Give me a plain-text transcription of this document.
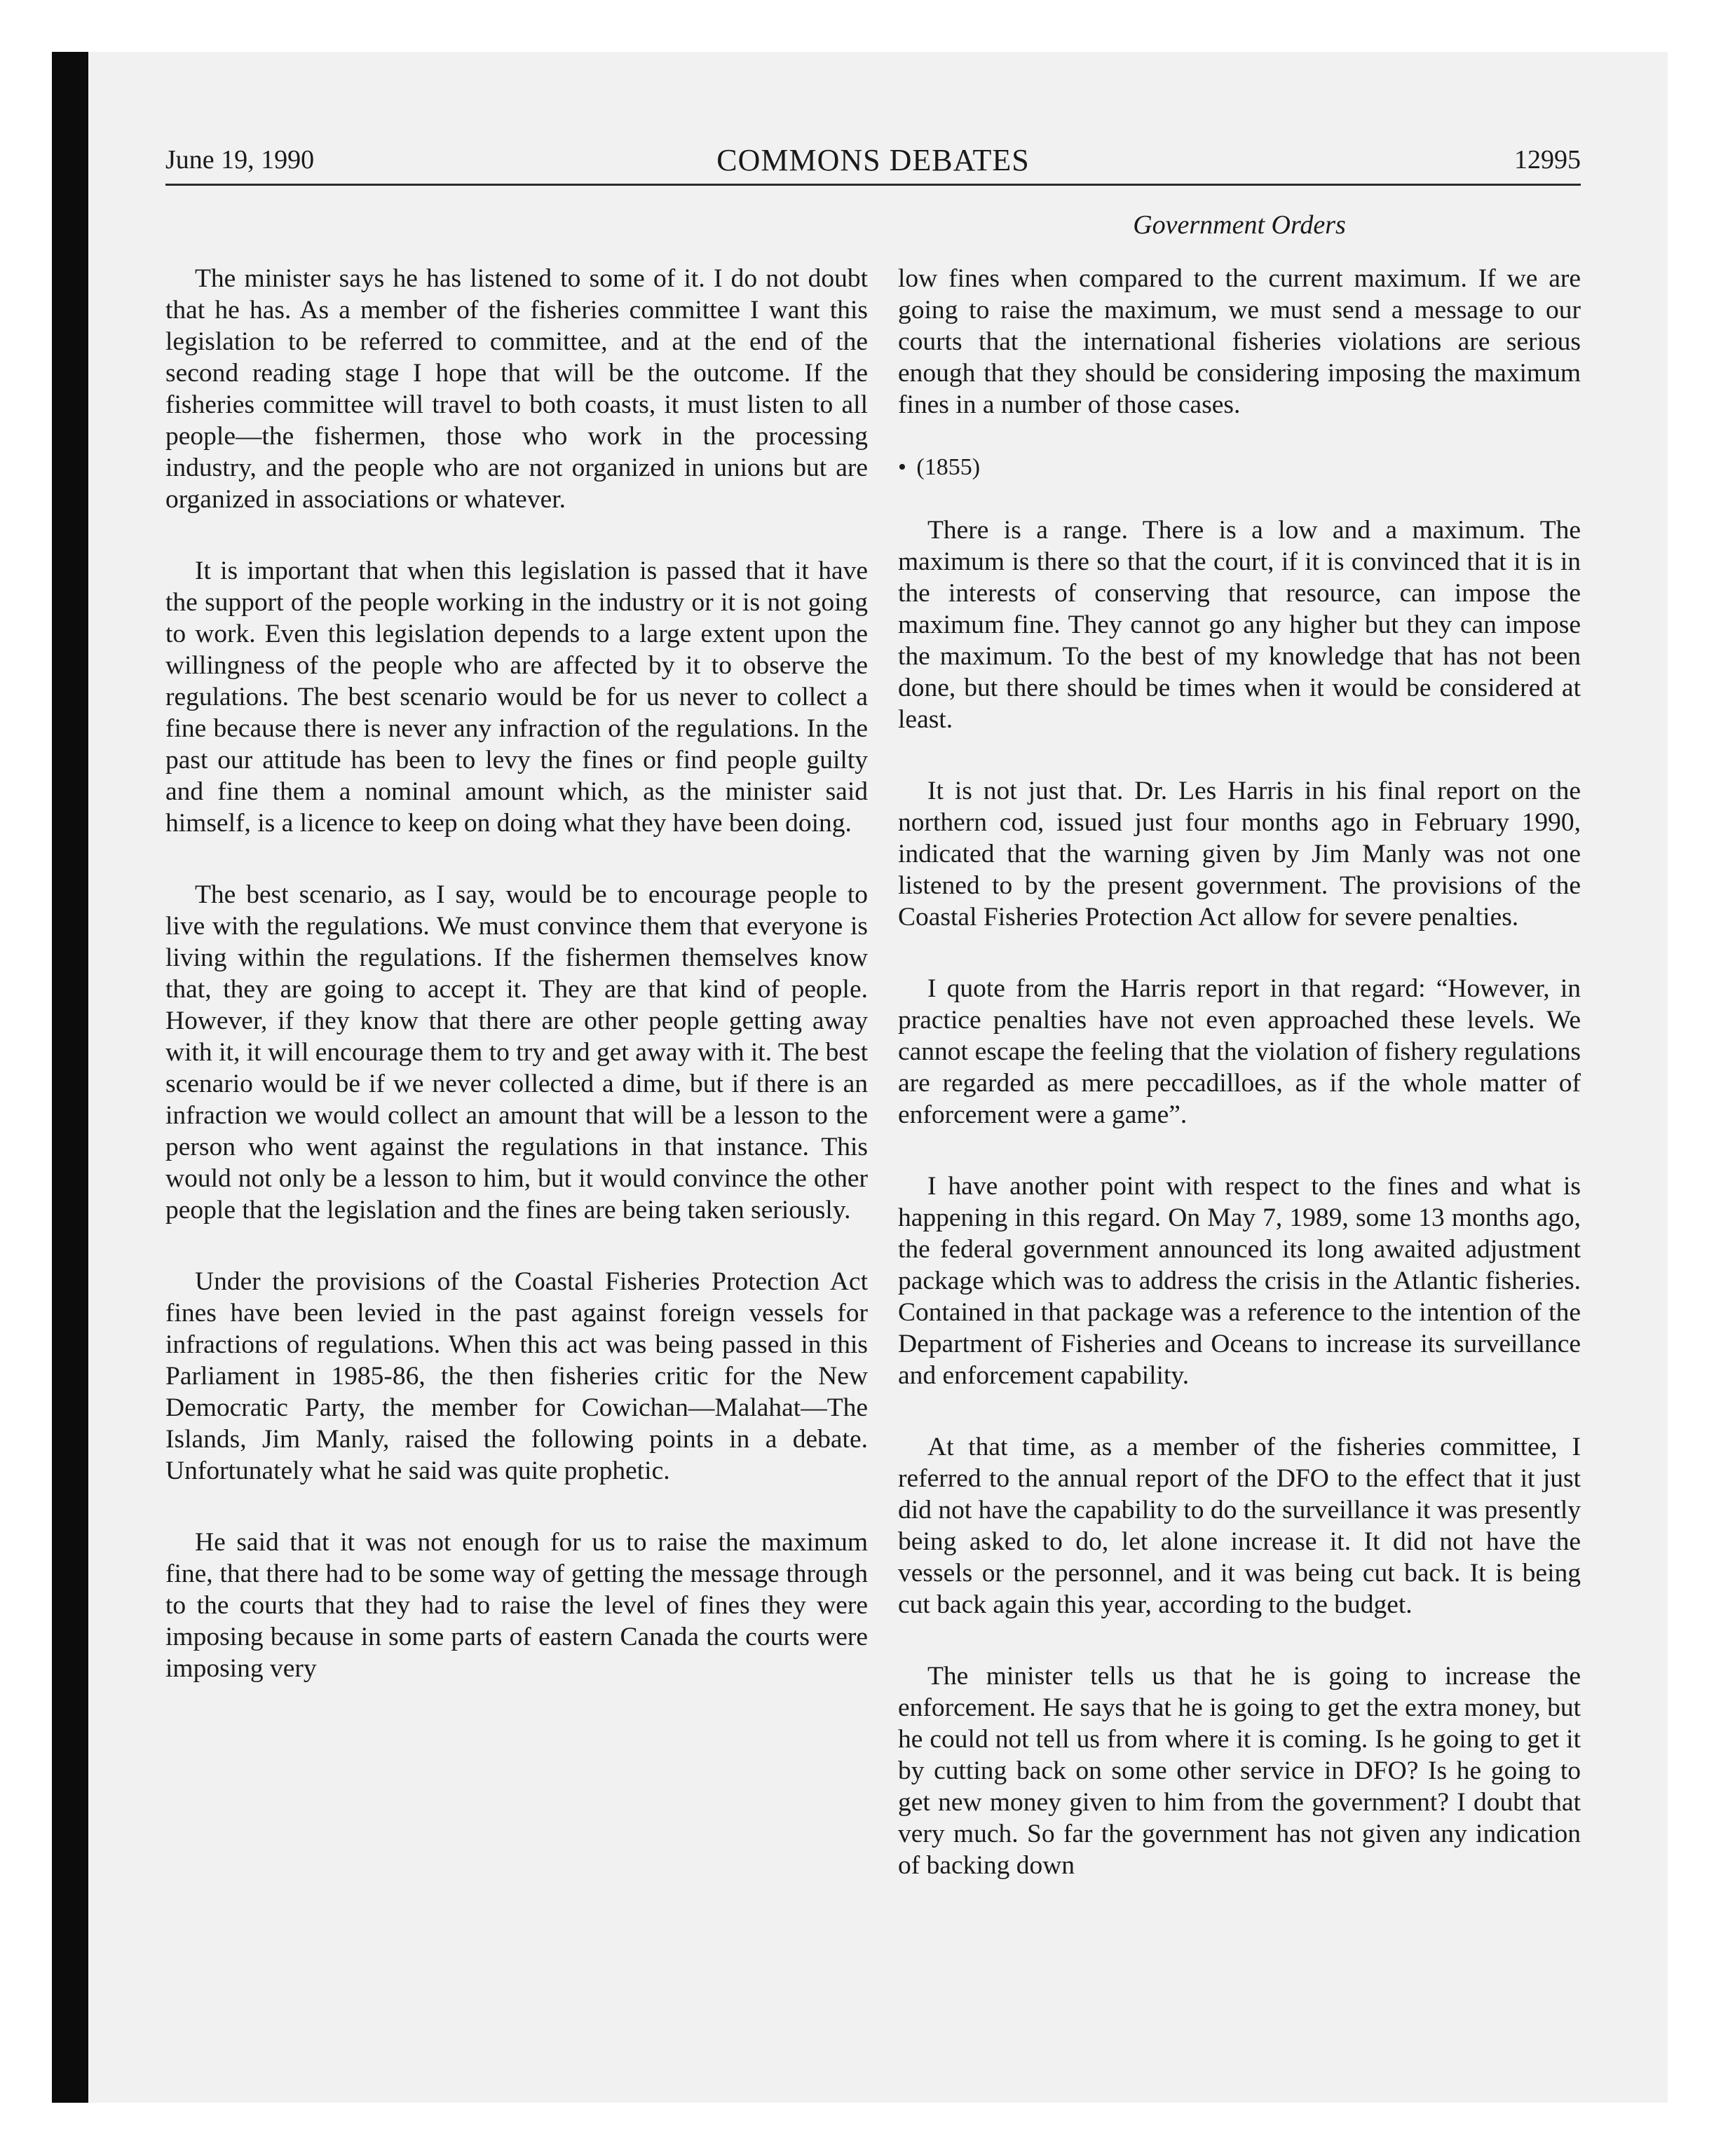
June 19, 1990	COMMONS DEBATES	12995
Government Orders

The minister says he has listened to some of it. I do not doubt that he has. As a member of the fisheries committee I want this legislation to be referred to committee, and at the end of the second reading stage I hope that will be the outcome. If the fisheries committee will travel to both coasts, it must listen to all people—the fishermen, those who work in the processing industry, and the people who are not organized in unions but are organized in associations or whatever.

It is important that when this legislation is passed that it have the support of the people working in the industry or it is not going to work. Even this legislation depends to a large extent upon the willingness of the people who are affected by it to observe the regulations. The best scenario would be for us never to collect a fine because there is never any infraction of the regulations. In the past our attitude has been to levy the fines or find people guilty and fine them a nominal amount which, as the minister said himself, is a licence to keep on doing what they have been doing.

The best scenario, as I say, would be to encourage people to live with the regulations. We must convince them that everyone is living within the regulations. If the fishermen themselves know that, they are going to accept it. They are that kind of people. However, if they know that there are other people getting away with it, it will encourage them to try and get away with it. The best scenario would be if we never collected a dime, but if there is an infraction we would collect an amount that will be a lesson to the person who went against the regulations in that instance. This would not only be a lesson to him, but it would convince the other people that the legislation and the fines are being taken seriously.

Under the provisions of the Coastal Fisheries Protection Act fines have been levied in the past against foreign vessels for infractions of regulations. When this act was being passed in this Parliament in 1985-86, the then fisheries critic for the New Democratic Party, the member for Cowichan—Malahat—The Islands, Jim Manly, raised the following points in a debate. Unfortunately what he said was quite prophetic.

He said that it was not enough for us to raise the maximum fine, that there had to be some way of getting the message through to the courts that they had to raise the level of fines they were imposing because in some parts of eastern Canada the courts were imposing very

low fines when compared to the current maximum. If we are going to raise the maximum, we must send a message to our courts that the international fisheries violations are serious enough that they should be considering imposing the maximum fines in a number of those cases.

• (1855)

There is a range. There is a low and a maximum. The maximum is there so that the court, if it is convinced that it is in the interests of conserving that resource, can impose the maximum fine. They cannot go any higher but they can impose the maximum. To the best of my knowledge that has not been done, but there should be times when it would be considered at least.

It is not just that. Dr. Les Harris in his final report on the northern cod, issued just four months ago in February 1990, indicated that the warning given by Jim Manly was not one listened to by the present government. The provisions of the Coastal Fisheries Protection Act allow for severe penalties.

I quote from the Harris report in that regard: “However, in practice penalties have not even approached these levels. We cannot escape the feeling that the violation of fishery regulations are regarded as mere peccadilloes, as if the whole matter of enforcement were a game”.

I have another point with respect to the fines and what is happening in this regard. On May 7, 1989, some 13 months ago, the federal government announced its long awaited adjustment package which was to address the crisis in the Atlantic fisheries. Contained in that package was a reference to the intention of the Department of Fisheries and Oceans to increase its surveillance and enforcement capability.

At that time, as a member of the fisheries committee, I referred to the annual report of the DFO to the effect that it just did not have the capability to do the surveillance it was presently being asked to do, let alone increase it. It did not have the vessels or the personnel, and it was being cut back. It is being cut back again this year, according to the budget.

The minister tells us that he is going to increase the enforcement. He says that he is going to get the extra money, but he could not tell us from where it is coming. Is he going to get it by cutting back on some other service in DFO? Is he going to get new money given to him from the government? I doubt that very much. So far the government has not given any indication of backing down
